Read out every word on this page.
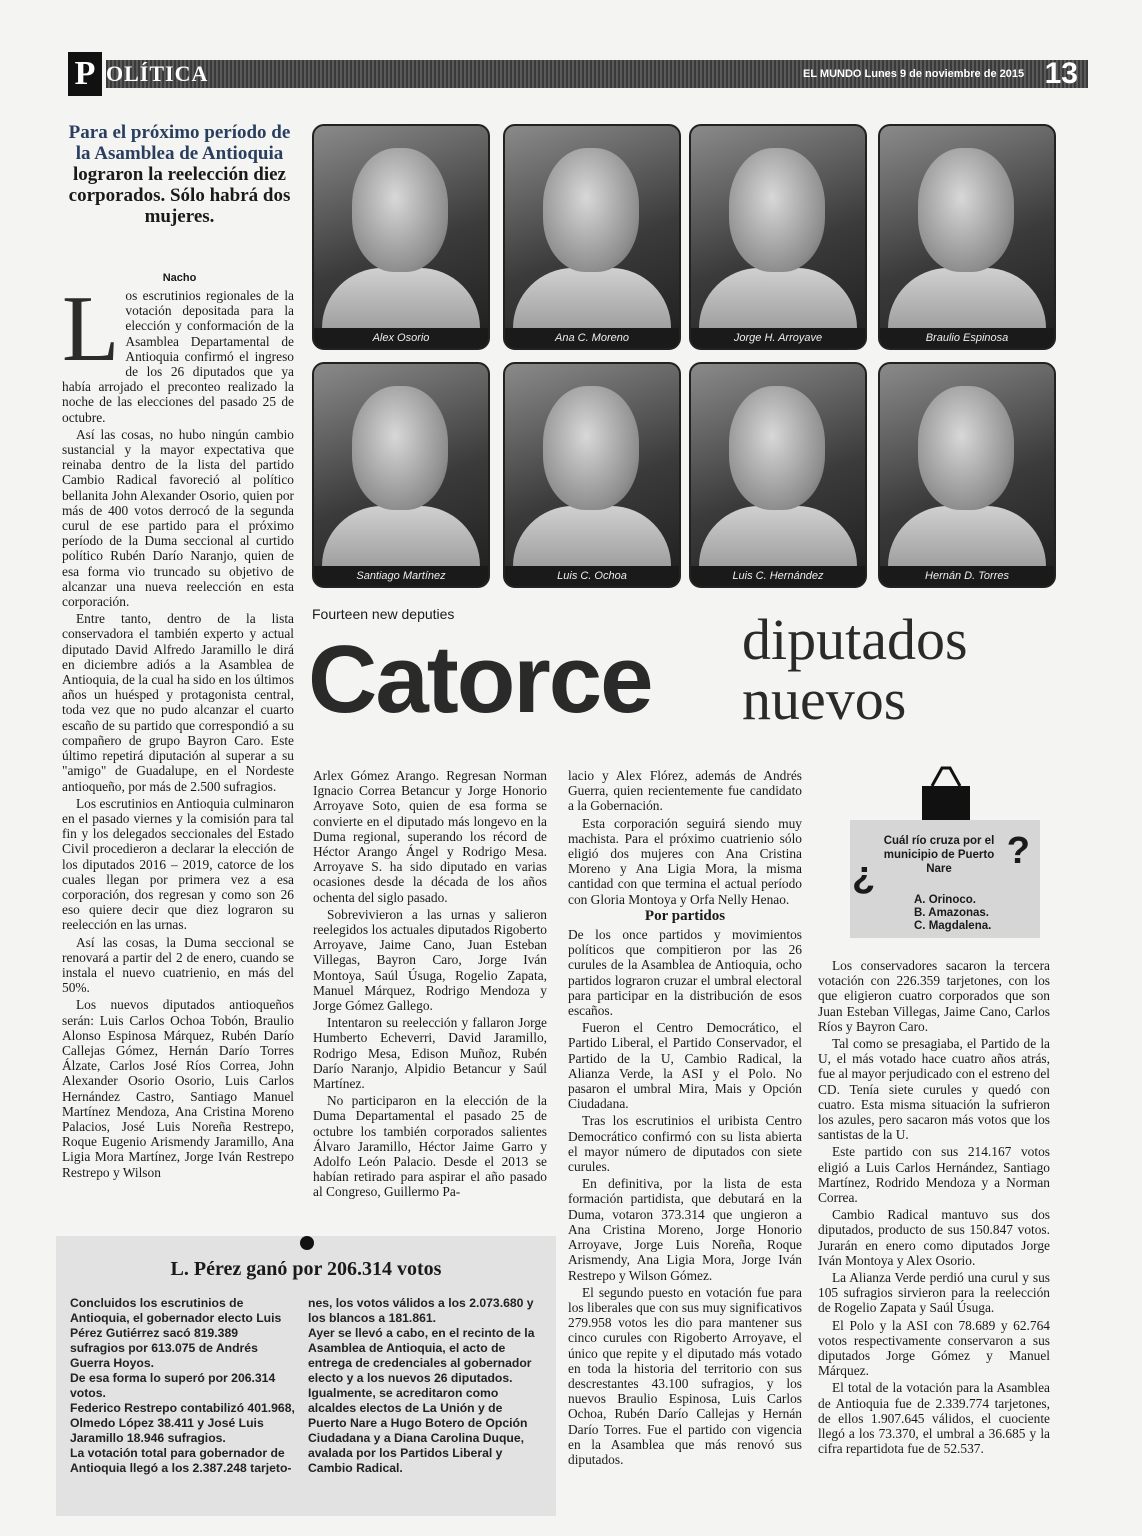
P OLÍTICA	EL MUNDO Lunes 9 de noviembre de 2015 13
Para el próximo período de la Asamblea de Antioquia lograron la reelección diez corporados. Sólo habrá dos mujeres.
Nacho
Alex Osorio	Ana C. Moreno	Jorge H. Arroyave	Braulio Espinosa
Santiago Martínez	Luis C. Ochoa	Luis C. Hernández	Hernán D. Torres
Fourteen new deputies
Catorce diputados
nuevos

Los escrutinios regionales de la votación depositada para la elección y conformación de la Asamblea Departamental de Antioquia confirmó el ingreso de los 26 diputados que ya había arrojado el preconteo realizado la noche de las elecciones del pasado 25 de octubre.

Así las cosas, no hubo ningún cambio sustancial y la mayor expectativa que reinaba dentro de la lista del partido Cambio Radical favoreció al político bellanita John Alexander Osorio, quien por más de 400 votos derrocó de la segunda curul de ese partido para el próximo período de la Duma seccional al curtido político Rubén Darío Naranjo, quien de esa forma vio truncado su objetivo de alcanzar una nueva reelección en esta corporación.

Entre tanto, dentro de la lista conservadora el también experto y actual diputado David Alfredo Jaramillo le dirá en diciembre adiós a la Asamblea de Antioquia, de la cual ha sido en los últimos años un huésped y protagonista central, toda vez que no pudo alcanzar el cuarto escaño de su partido que correspondió a su compañero de grupo Bayron Caro. Este último repetirá diputación al superar a su "amigo" de Guadalupe, en el Nordeste antioqueño, por más de 2.500 sufragios.

Los escrutinios en Antioquia culminaron en el pasado viernes y la comisión para tal fin y los delegados seccionales del Estado Civil procedieron a declarar la elección de los diputados 2016 – 2019, catorce de los cuales llegan por primera vez a esa corporación, dos regresan y como son 26 eso quiere decir que diez lograron su reelección en las urnas.

Así las cosas, la Duma seccional se renovará a partir del 2 de enero, cuando se instala el nuevo cuatrienio, en más del 50%.

Los nuevos diputados antioqueños serán: Luis Carlos Ochoa Tobón, Braulio Alonso Espinosa Márquez, Rubén Darío Callejas Gómez, Hernán Darío Torres Álzate, Carlos José Ríos Correa, John Alexander Osorio Osorio, Luis Carlos Hernández Castro, Santiago Manuel Martínez Mendoza, Ana Cristina Moreno Palacios, José Luis Noreña Restrepo, Roque Eugenio Arismendy Jaramillo, Ana Ligia Mora Martínez, Jorge Iván Restrepo Restrepo y Wilson

Arlex Gómez Arango. Regresan Norman Ignacio Correa Betancur y Jorge Honorio Arroyave Soto, quien de esa forma se convierte en el diputado más longevo en la Duma regional, superando los récord de Héctor Arango Ángel y Rodrigo Mesa. Arroyave S. ha sido diputado en varias ocasiones desde la década de los años ochenta del siglo pasado.

Sobrevivieron a las urnas y salieron reelegidos los actuales diputados Rigoberto Arroyave, Jaime Cano, Juan Esteban Villegas, Bayron Caro, Jorge Iván Montoya, Saúl Úsuga, Rogelio Zapata, Manuel Márquez, Rodrigo Mendoza y Jorge Gómez Gallego.

Intentaron su reelección y fallaron Jorge Humberto Echeverri, David Jaramillo, Rodrigo Mesa, Edison Muñoz, Rubén Darío Naranjo, Alpidio Betancur y Saúl Martínez.

No participaron en la elección de la Duma Departamental el pasado 25 de octubre los también corporados salientes Álvaro Jaramillo, Héctor Jaime Garro y Adolfo León Palacio. Desde el 2013 se habían retirado para aspirar el año pasado al Congreso, Guillermo Pa-

lacio y Alex Flórez, además de Andrés Guerra, quien recientemente fue candidato a la Gobernación.

Esta corporación seguirá siendo muy machista. Para el próximo cuatrienio sólo eligió dos mujeres con Ana Cristina Moreno y Ana Ligia Mora, la misma cantidad con que termina el actual período con Gloria Montoya y Orfa Nelly Henao.

Por partidos

De los once partidos y movimientos políticos que compitieron por las 26 curules de la Asamblea de Antioquia, ocho partidos lograron cruzar el umbral electoral para participar en la distribución de esos escaños.

Fueron el Centro Democrático, el Partido Liberal, el Partido Conservador, el Partido de la U, Cambio Radical, la Alianza Verde, la ASI y el Polo. No pasaron el umbral Mira, Mais y Opción Ciudadana.

Tras los escrutinios el uribista Centro Democrático confirmó con su lista abierta el mayor número de diputados con siete curules.

En definitiva, por la lista de esta formación partidista, que debutará en la Duma, votaron 373.314 que ungieron a Ana Cristina Moreno, Jorge Honorio Arroyave, Jorge Luis Noreña, Roque Arismendy, Ana Ligia Mora, Jorge Iván Restrepo y Wilson Gómez.

El segundo puesto en votación fue para los liberales que con sus muy significativos 279.958 votos les dio para mantener sus cinco curules con Rigoberto Arroyave, el único que repite y el diputado más votado en toda la historia del territorio con sus descrestantes 43.100 sufragios, y los nuevos Braulio Espinosa, Luis Carlos Ochoa, Rubén Darío Callejas y Hernán Darío Torres. Fue el partido con vigencia en la Asamblea que más renovó sus diputados.

¿
?
Cuál río cruza por el municipio de Puerto Nare
A. Orinoco.
B. Amazonas.
C. Magdalena.

Los conservadores sacaron la tercera votación con 226.359 tarjetones, con los que eligieron cuatro corporados que son Juan Esteban Villegas, Jaime Cano, Carlos Ríos y Bayron Caro.

Tal como se presagiaba, el Partido de la U, el más votado hace cuatro años atrás, fue al mayor perjudicado con el estreno del CD. Tenía siete curules y quedó con cuatro. Esta misma situación la sufrieron los azules, pero sacaron más votos que los santistas de la U.

Este partido con sus 214.167 votos eligió a Luis Carlos Hernández, Santiago Martínez, Rodrido Mendoza y a Norman Correa.

Cambio Radical mantuvo sus dos diputados, producto de sus 150.847 votos. Jurarán en enero como diputados Jorge Iván Montoya y Alex Osorio.

La Alianza Verde perdió una curul y sus 105 sufragios sirvieron para la reelección de Rogelio Zapata y Saúl Úsuga.

El Polo y la ASI con 78.689 y 62.764 votos respectivamente conservaron a sus diputados Jorge Gómez y Manuel Márquez.

El total de la votación para la Asamblea de Antioquia fue de 2.339.774 tarjetones, de ellos 1.907.645 válidos, el cuociente llegó a los 73.370, el umbral a 36.685 y la cifra repartidota fue de 52.537.

L. Pérez ganó por 206.314 votos
Concluidos los escrutinios de Antioquia, el gobernador electo Luis Pérez Gutiérrez sacó 819.389 sufragios por 613.075 de Andrés Guerra Hoyos.
De esa forma lo superó por 206.314 votos.
Federico Restrepo contabilizó 401.968, Olmedo López 38.411 y José Luis Jaramillo 18.946 sufragios.
La votación total para gobernador de Antioquia llegó a los 2.387.248 tarjeto-
nes, los votos válidos a los 2.073.680 y los blancos a 181.861.
Ayer se llevó a cabo, en el recinto de la Asamblea de Antioquia, el acto de entrega de credenciales al gobernador electo y a los nuevos 26 diputados.
Igualmente, se acreditaron como alcaldes electos de La Unión y de Puerto Nare a Hugo Botero de Opción Ciudadana y a Diana Carolina Duque, avalada por los Partidos Liberal y Cambio Radical.
